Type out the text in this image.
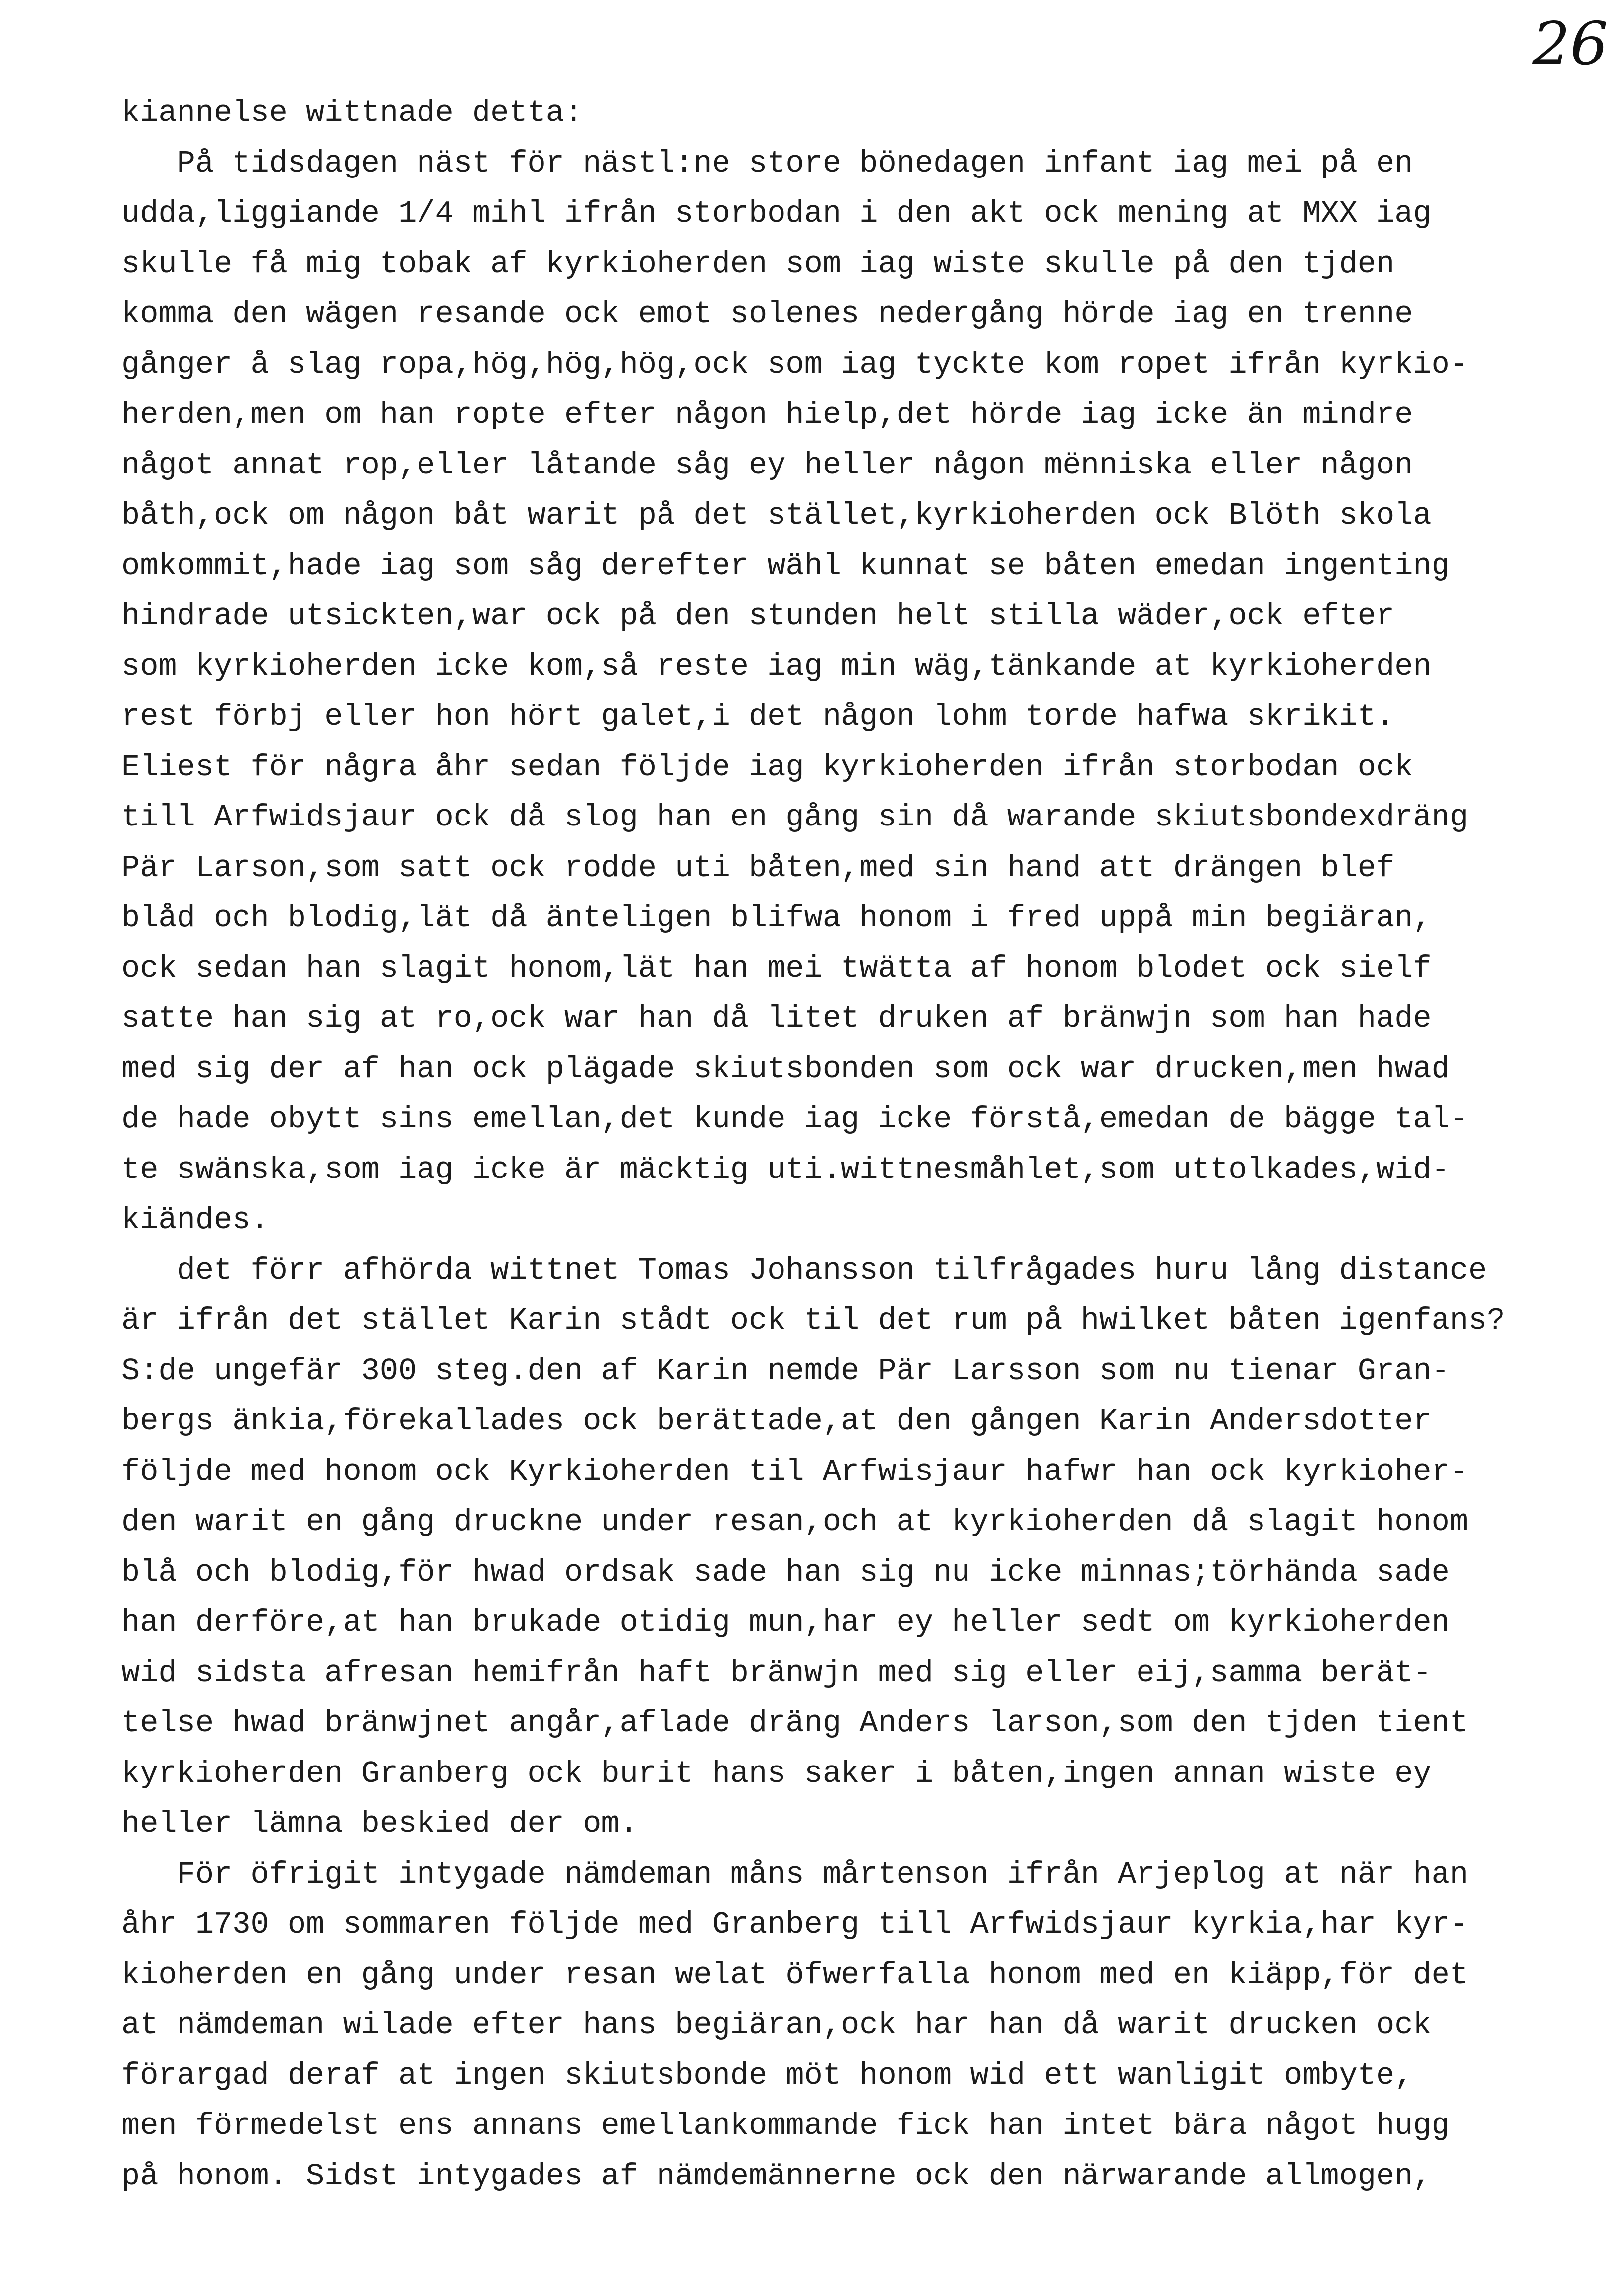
26
kiannelse wittnade detta:
På tidsdagen näst för nästl:ne store bönedagen infant iag mei på en
udda,liggiande 1/4 mihl ifrån storbodan i den akt ock mening at MXX iag
skulle få mig tobak af kyrkioherden som iag wiste skulle på den tjden
komma den wägen resande ock emot solenes nedergång hörde iag en trenne
gånger å slag ropa,hög,hög,hög,ock som iag tyckte kom ropet ifrån kyrkio-
herden,men om han ropte efter någon hielp,det hörde iag icke än mindre
något annat rop,eller låtande såg ey heller någon mënniska eller någon
båth,ock om någon båt warit på det stället,kyrkioherden ock Blöth skola
omkommit,hade iag som såg derefter wähl kunnat se båten emedan ingenting
hindrade utsickten,war ock på den stunden helt stilla wäder,ock efter
som kyrkioherden icke kom,så reste iag min wäg,tänkande at kyrkioherden
rest förbj eller hon hört galet,i det någon lohm torde hafwa skrikit.
Eliest för några åhr sedan följde iag kyrkioherden ifrån storbodan ock
till Arfwidsjaur ock då slog han en gång sin då warande skiutsbondexdräng
Pär Larson,som satt ock rodde uti båten,med sin hand att drängen blef
blåd och blodig,lät då änteligen blifwa honom i fred uppå min begiäran,
ock sedan han slagit honom,lät han mei twätta af honom blodet ock sielf
satte han sig at ro,ock war han då litet druken af bränwjn som han hade
med sig der af han ock plägade skiutsbonden som ock war drucken,men hwad
de hade obytt sins emellan,det kunde iag icke förstå,emedan de bägge tal-
te swänska,som iag icke är mäcktig uti.wittnesmåhlet,som uttolkades,wid-
kiändes.
det förr afhörda wittnet Tomas Johansson tilfrågades huru lång distance
är ifrån det stället Karin stådt ock til det rum på hwilket båten igenfans?
S:de ungefär 300 steg.den af Karin nemde Pär Larsson som nu tienar Gran-
bergs änkia,förekallades ock berättade,at den gången Karin Andersdotter
följde med honom ock Kyrkioherden til Arfwisjaur hafwr han ock kyrkioher-
den warit en gång druckne under resan,och at kyrkioherden då slagit honom
blå och blodig,för hwad ordsak sade han sig nu icke minnas;törhända sade
han derföre,at han brukade otidig mun,har ey heller sedt om kyrkioherden
wid sidsta afresan hemifrån haft bränwjn med sig eller eij,samma berät-
telse hwad bränwjnet angår,aflade dräng Anders larson,som den tjden tient
kyrkioherden Granberg ock burit hans saker i båten,ingen annan wiste ey
heller lämna beskied der om.
För öfrigit intygade nämdeman måns mårtenson ifrån Arjeplog at när han
åhr 1730 om sommaren följde med Granberg till Arfwidsjaur kyrkia,har kyr-
kioherden en gång under resan welat öfwerfalla honom med en kiäpp,för det
at nämdeman wilade efter hans begiäran,ock har han då warit drucken ock
förargad deraf at ingen skiutsbonde möt honom wid ett wanligit ombyte,
men förmedelst ens annans emellankommande fick han intet bära något hugg
på honom. Sidst intygades af nämdemännerne ock den närwarande allmogen,
